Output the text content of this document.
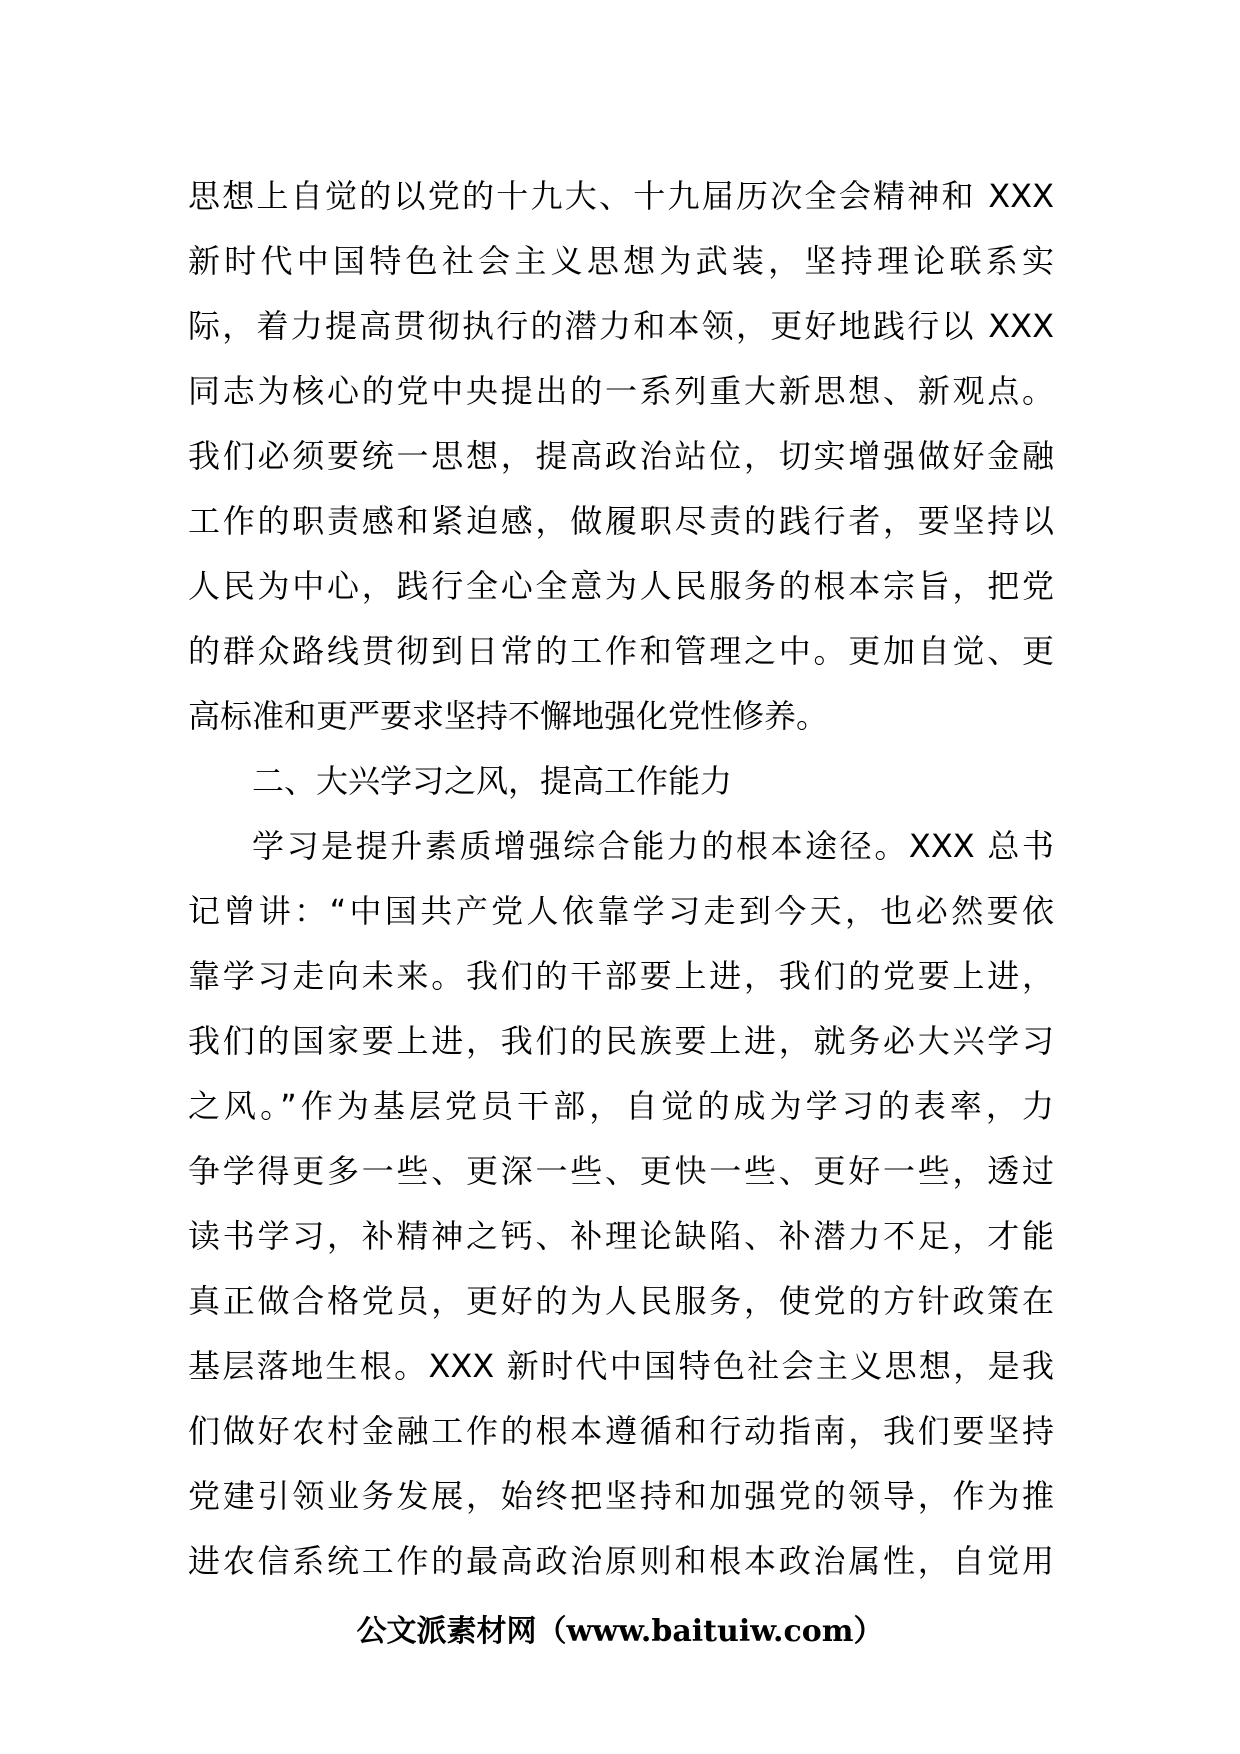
思想上自觉的以党的十九大、十九届历次全会精神和 XXX
新时代中国特色社会主义思想为武装，坚持理论联系实
际，着力提高贯彻执行的潜力和本领，更好地践行以 XXX
同志为核心的党中央提出的一系列重大新思想、新观点。
我们必须要统一思想，提高政治站位，切实增强做好金融
工作的职责感和紧迫感，做履职尽责的践行者，要坚持以
人民为中心，践行全心全意为人民服务的根本宗旨，把党
的群众路线贯彻到日常的工作和管理之中。更加自觉、更
高标准和更严要求坚持不懈地强化党性修养。
二、大兴学习之风，提高工作能力
学习是提升素质增强综合能力的根本途径。XXX 总书
记曾讲：“中国共产党人依靠学习走到今天，也必然要依
靠学习走向未来。我们的干部要上进，我们的党要上进，
我们的国家要上进，我们的民族要上进，就务必大兴学习
之风。”作为基层党员干部，自觉的成为学习的表率，力
争学得更多一些、更深一些、更快一些、更好一些，透过
读书学习，补精神之钙、补理论缺陷、补潜力不足，才能
真正做合格党员，更好的为人民服务，使党的方针政策在
基层落地生根。XXX 新时代中国特色社会主义思想，是我
们做好农村金融工作的根本遵循和行动指南，我们要坚持
党建引领业务发展，始终把坚持和加强党的领导，作为推
进农信系统工作的最高政治原则和根本政治属性，自觉用
公文派素材网（www.baituiw.com）
